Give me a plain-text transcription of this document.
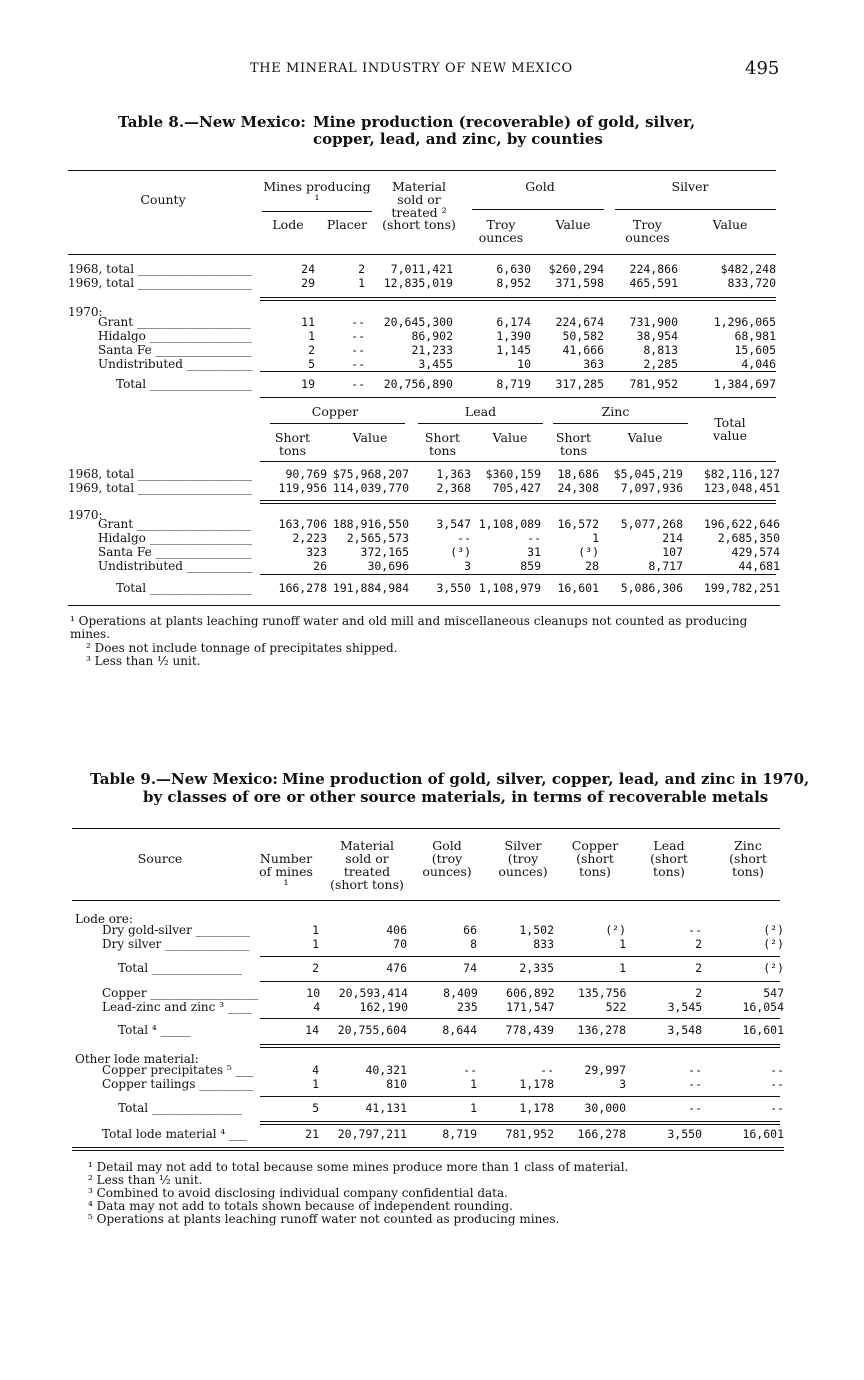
THE MINERAL INDUSTRY OF NEW MEXICO	495
Table 8.—New Mexico: Mine production (recoverable) of gold, silver, copper, lead, and zinc, by counties
County
Mines producing ¹
Lode	Placer
Material sold or treated ²
(short tons)
Gold
Troy ounces
Value
Silver
Troy ounces
Value
1968, total ___________________	24	2	7,011,421	6,630	$260,294	224,866	$482,248
1969, total ___________________	29	1	12,835,019	8,952	371,598	465,591	833,720
1970:
Grant ___________________	11	--	20,645,300	6,174	224,674	731,900	1,296,065
Hidalgo _________________	1	--	86,902	1,390	50,582	38,954	68,981
Santa Fe ________________	2	--	21,233	1,145	41,666	8,813	15,605
Undistributed ___________	5	--	3,455	10	363	2,285	4,046
Total _________________	19	--	20,756,890	8,719	317,285	781,952	1,384,697
Copper	Lead	Zinc
Total value
Short tons
Value	Short tons
Value	Short tons
Value
1968, total ___________________	90,769	$75,968,207	1,363	$360,159	18,686	$5,045,219	$82,116,127
1969, total ___________________	119,956	114,039,770	2,368	705,427	24,308	7,097,936	123,048,451
1970:
Grant ___________________	163,706	188,916,550	3,547	1,108,089	16,572	5,077,268	196,622,646
Hidalgo _________________	2,223	2,565,573	--	--	1	214	2,685,350
Santa Fe ________________	323	372,165	(³)	31	(³)	107	429,574
Undistributed ___________	26	30,696	3	859	28	8,717	44,681
Total _________________	166,278	191,884,984	3,550	1,108,979	16,601	5,086,306	199,782,251
¹ Operations at plants leaching runoff water and old mill and miscellaneous cleanups not counted as producing mines.
² Does not include tonnage of precipitates shipped.
³ Less than ½ unit.
Table 9.—New Mexico: Mine production of gold, silver, copper, lead, and zinc in 1970,
by classes of ore or other source materials, in terms of recoverable metals
Source	Number of mines ¹
Material sold or treated (short tons)
Gold (troy ounces)
Silver (troy ounces)
Copper (short tons)
Lead (short tons)
Zinc (short tons)
Lode ore:
Dry gold-silver _________	1	406	66	1,502	(²)	--	(²)
Dry silver ______________	1	70	8	833	1	2	(²)
Total _______________	2	476	74	2,335	1	2	(²)
Copper __________________	10	20,593,414	8,409	606,892	135,756	2	547
Lead-zinc and zinc ³ ____	4	162,190	235	171,547	522	3,545	16,054
Total ⁴ _____	14	20,755,604	8,644	778,439	136,278	3,548	16,601
Other lode material:
Copper precipitates ⁵ ___	4	40,321	--	--	29,997	--	--
Copper tailings _________	1	810	1	1,178	3	--	--
Total _______________	5	41,131	1	1,178	30,000	--	--
Total lode material ⁴ ___	21	20,797,211	8,719	781,952	166,278	3,550	16,601
¹ Detail may not add to total because some mines produce more than 1 class of material.
² Less than ½ unit.
³ Combined to avoid disclosing individual company confidential data.
⁴ Data may not add to totals shown because of independent rounding.
⁵ Operations at plants leaching runoff water not counted as producing mines.
